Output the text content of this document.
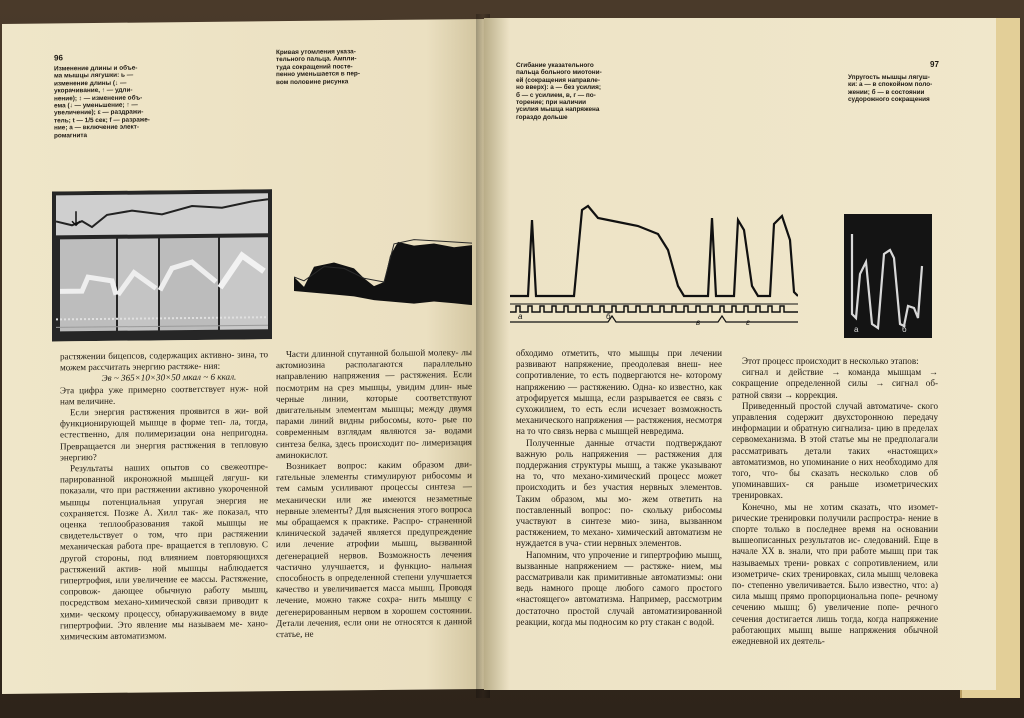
96
Изменение длины и объе-
ма мышцы лягушки: ь —
изменение длины (↓ —
укорачивание, ↑ — удли-
нение); ↕ — изменение объ-
ема (↓ — уменьшение; ↑ —
увеличение); ε — раздражи-
тель; t — 1/5 сек; f — разраже-
ние; а — включение элект-
ромагнита
Кривая утомления указа-
тельного пальца. Ампли-
туда сокращений посте-
пенно уменьшается в пер-
вом половине рисунка

растяжении бицепсов, содержащих активно- зина, то можем рассчитать энергию растяже- ния:

Эв ~ 365×10×30×50 мкал ~ 6 ккал.

Эта цифра уже примерно соответствует нуж- ной нам величине.

Если энергия растяжения проявится в жи- вой функционирующей мышце в форме теп- ла, тогда, естественно, для полимеризации она непригодна. Превращается ли энергия растяжения в тепловую энергию?

Результаты наших опытов со свежеотпре- парированной икроножной мышцей лягуш- ки показали, что при растяжении активно укороченной мышцы потенциальная упругая энергия не сохраняется. Позже А. Хилл так- же показал, что оценка теплообразования такой мышцы не свидетельствует о том, что при растяжении механическая работа пре- вращается в тепловую. С другой стороны, под влиянием повторяющихся растяжений актив- ной мышцы наблюдается гипертрофия, или увеличение ее массы. Растяжение, сопровож- дающее обычную работу мышц, посредством механо-химической связи приводит к хими- ческому процессу, обнаруживаемому в виде гипертрофии. Это явление мы называем ме- хано-химическим автоматизмом.

Части длинной спутанной большой молеку- лы актомиозина располагаются параллельно направлению напряжения — растяжения. Если посмотрим на срез мышцы, увидим длин- ные черные линии, которые соответствуют двигательным элементам мышцы; между двумя парами линий видны рибосомы, кото- рые по современным взглядам являются за- водами синтеза белка, здесь происходит по- лимеризация аминокислот.

Возникает вопрос: каким образом дви- гательные элементы стимулируют рибосомы и тем самым усиливают процессы синтеза — механически или же имеются незаметные нервные элементы? Для выяснения этого вопроса мы обращаемся к практике. Распро- страненной клинической задачей является предупреждение или лечение атрофии мышц, вызванной дегенерацией нервов. Возможность лечения частично улучшается, и функцио- нальная способность в определенной степени улучшается качество и увеличивается масса мышц. Проводя лечение, можно также сохра- нить мышцу с дегенерированным нервом в хорошем состоянии. Детали лечения, если они не относятся к данной статье, не

97
Сгибание указательного
пальца больного миотони-
ей (сокращения направле-
но вверх): а — без усилия;
б — с усилием, в, г — по-
торение; при наличии
усилия мышца напряжена
гораздо дольше
Упругость мышцы лягуш-
ки: а — в спокойном поло-
жении; б — в состоянии
судорожного сокращения
а	б
в	г
а	б

обходимо отметить, что мышцы при лечении развивают напряжение, преодолевая внеш- нее сопротивление, то есть подвергаются не- которому напряжению — растяжению. Одна- ко известно, как атрофируется мышца, если разрывается ее связь с сухожилием, то есть если исчезает возможность механического напряжения — растяжения, несмотря на то что связь нерва с мышцей невредима.

Полученные данные отчасти подтверждают важную роль напряжения — растяжения для поддержания структуры мышц, а также указывают на то, что механо-химический процесс может происходить и без участия нервных элементов. Таким образом, мы мо- жем ответить на поставленный вопрос: по- скольку рибосомы участвуют в синтезе мио- зина, вызванном растяжением, то механо- химический автоматизм не нуждается в уча- стии нервных элементов.

Напомним, что упрочение и гипертрофию мышц, вызванные напряжением — растяже- нием, мы рассматривали как примитивные автоматизмы: они ведь намного проще любого самого простого «настоящего» автоматизма. Например, рассмотрим достаточно простой случай автоматизированной реакции, когда мы подносим ко рту стакан с водой.

Этот процесс происходит в несколько этапов:

сигнал и действие → команда мышцам → сокращение определенной силы → сигнал об- ратной связи → коррекция.

Приведенный простой случай автоматиче- ского управления содержит двухсторонною передачу информации и обратную сигнализа- цию в пределах сервомеханизма. В этой статье мы не предполагали рассматривать детали таких «настоящих» автоматизмов, но упоминание о них необходимо для того, что- бы сказать несколько слов об упоминавших- ся раньше изометрических тренировках.

Конечно, мы не хотим сказать, что изомет- рические тренировки получили распростра- нение в спорте только в последнее время на основании вышеописанных результатов ис- следований. Еще в начале XX в. знали, что при работе мышц при так называемых трени- ровках с сопротивлением, или изометриче- ских тренировках, сила мышц человека по- степенно увеличивается. Было известно, что: а) сила мышц прямо пропорциональна попе- речному сечению мышц; б) увеличение попе- речного сечения достигается лишь тогда, когда напряжение работающих мышц выше напряжения обычной ежедневной их деятель-
